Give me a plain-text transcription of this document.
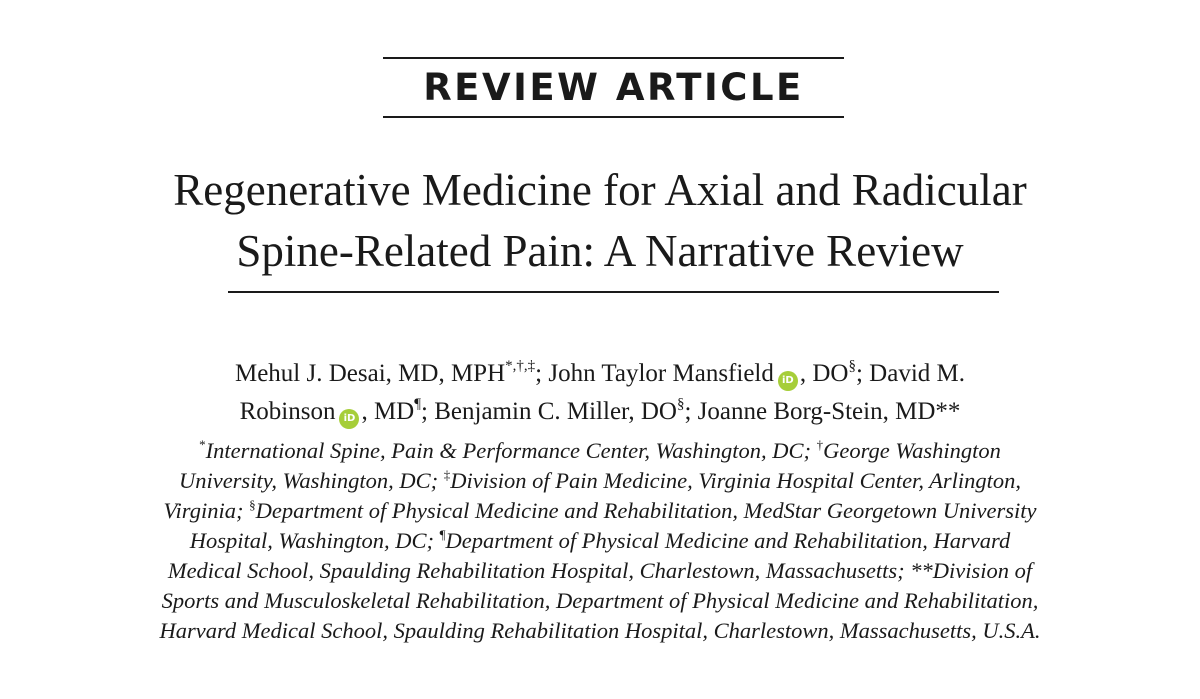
REVIEW ARTICLE
Regenerative Medicine for Axial and Radicular
Spine-Related Pain: A Narrative Review
Mehul J. Desai, MD, MPH*,†,‡; John Taylor Mansfield iD , DO§; David M.
Robinson iD , MD¶; Benjamin C. Miller, DO§; Joanne Borg-Stein, MD**
*International Spine, Pain & Performance Center, Washington, DC; †George Washington
University, Washington, DC; ‡Division of Pain Medicine, Virginia Hospital Center, Arlington,
Virginia; §Department of Physical Medicine and Rehabilitation, MedStar Georgetown University
Hospital, Washington, DC; ¶Department of Physical Medicine and Rehabilitation, Harvard
Medical School, Spaulding Rehabilitation Hospital, Charlestown, Massachusetts; **Division of
Sports and Musculoskeletal Rehabilitation, Department of Physical Medicine and Rehabilitation,
Harvard Medical School, Spaulding Rehabilitation Hospital, Charlestown, Massachusetts, U.S.A.
